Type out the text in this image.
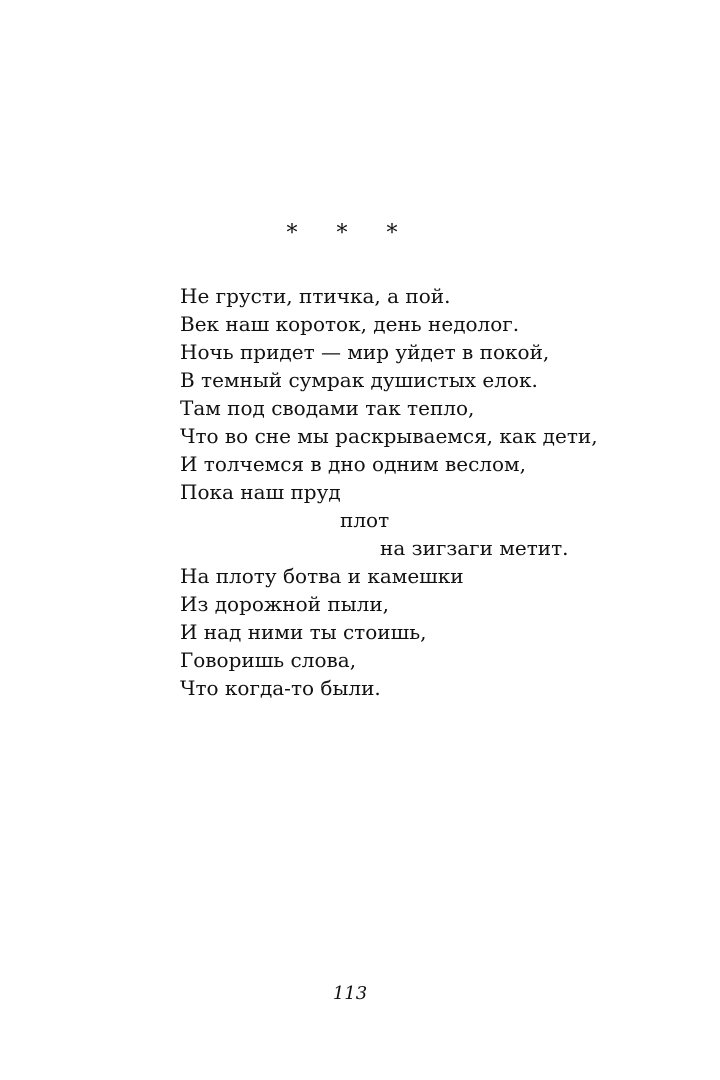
* * *
Не грусти, птичка, а пой.
Век наш короток, день недолог.
Ночь придет — мир уйдет в покой,
В темный сумрак душистых елок.
Там под сводами так тепло,
Что во сне мы раскрываемся, как дети,
И толчемся в дно одним веслом,
Пока наш пруд
плот
на зигзаги метит.
На плоту ботва и камешки
Из дорожной пыли,
И над ними ты стоишь,
Говоришь слова,
Что когда-то были.
113
